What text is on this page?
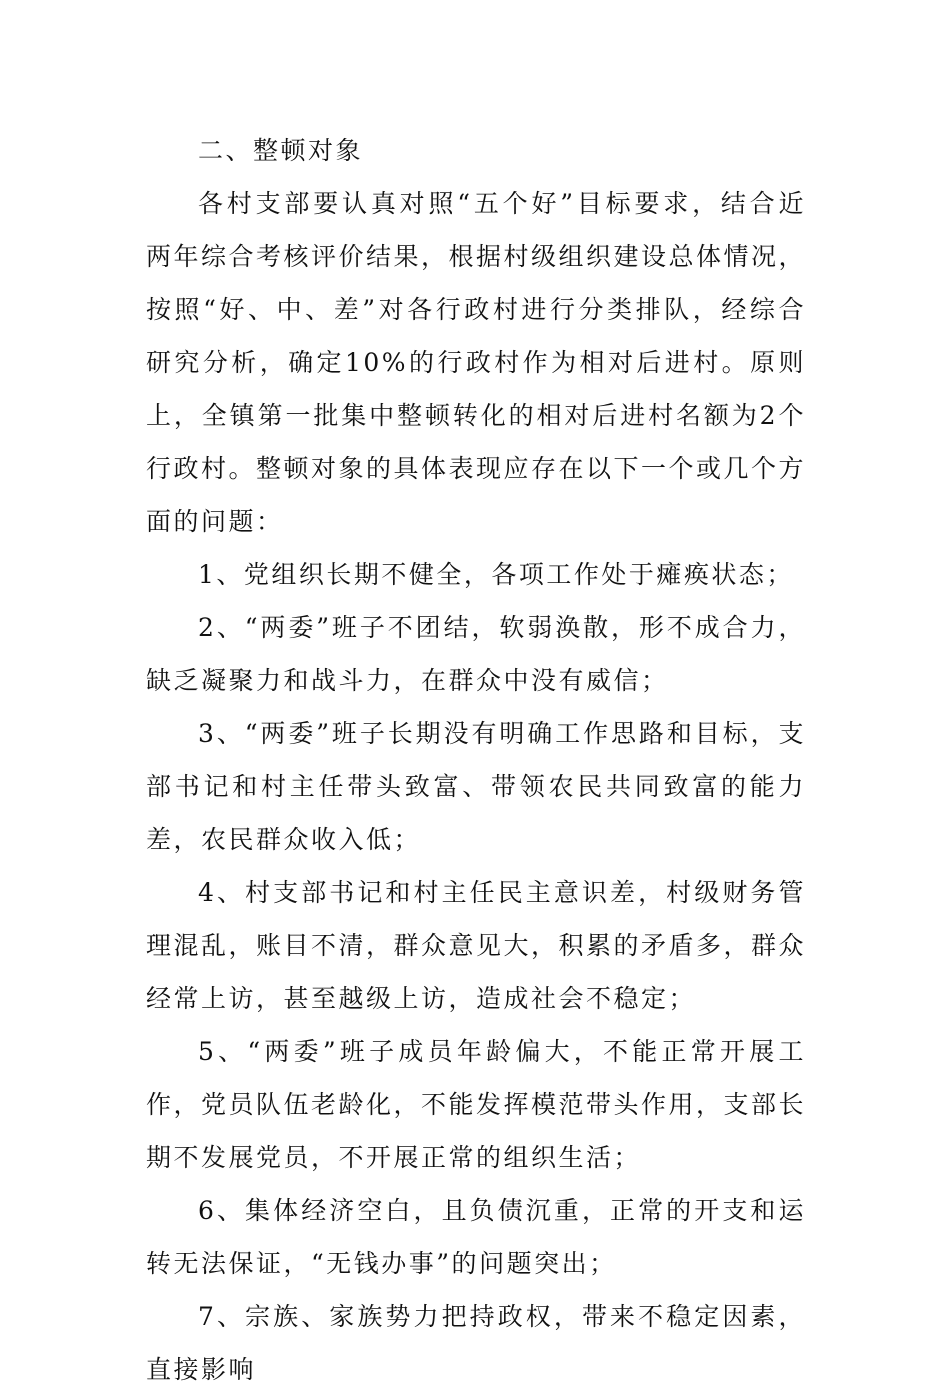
二、整顿对象

各村支部要认真对照“五个好”目标要求，结合近两年综合考核评价结果，根据村级组织建设总体情况，按照“好、中、差”对各行政村进行分类排队，经综合研究分析，确定10%的行政村作为相对后进村。原则上，全镇第一批集中整顿转化的相对后进村名额为2个行政村。整顿对象的具体表现应存在以下一个或几个方面的问题：

1、党组织长期不健全，各项工作处于瘫痪状态；

2、“两委”班子不团结，软弱涣散，形不成合力，缺乏凝聚力和战斗力，在群众中没有威信；

3、“两委”班子长期没有明确工作思路和目标，支部书记和村主任带头致富、带领农民共同致富的能力差，农民群众收入低；

4、村支部书记和村主任民主意识差，村级财务管理混乱，账目不清，群众意见大，积累的矛盾多，群众经常上访，甚至越级上访，造成社会不稳定；

5、“两委”班子成员年龄偏大，不能正常开展工作，党员队伍老龄化，不能发挥模范带头作用，支部长期不发展党员，不开展正常的组织生活；

6、集体经济空白，且负债沉重，正常的开支和运转无法保证，“无钱办事”的问题突出；

7、宗族、家族势力把持政权，带来不稳定因素，直接影响
